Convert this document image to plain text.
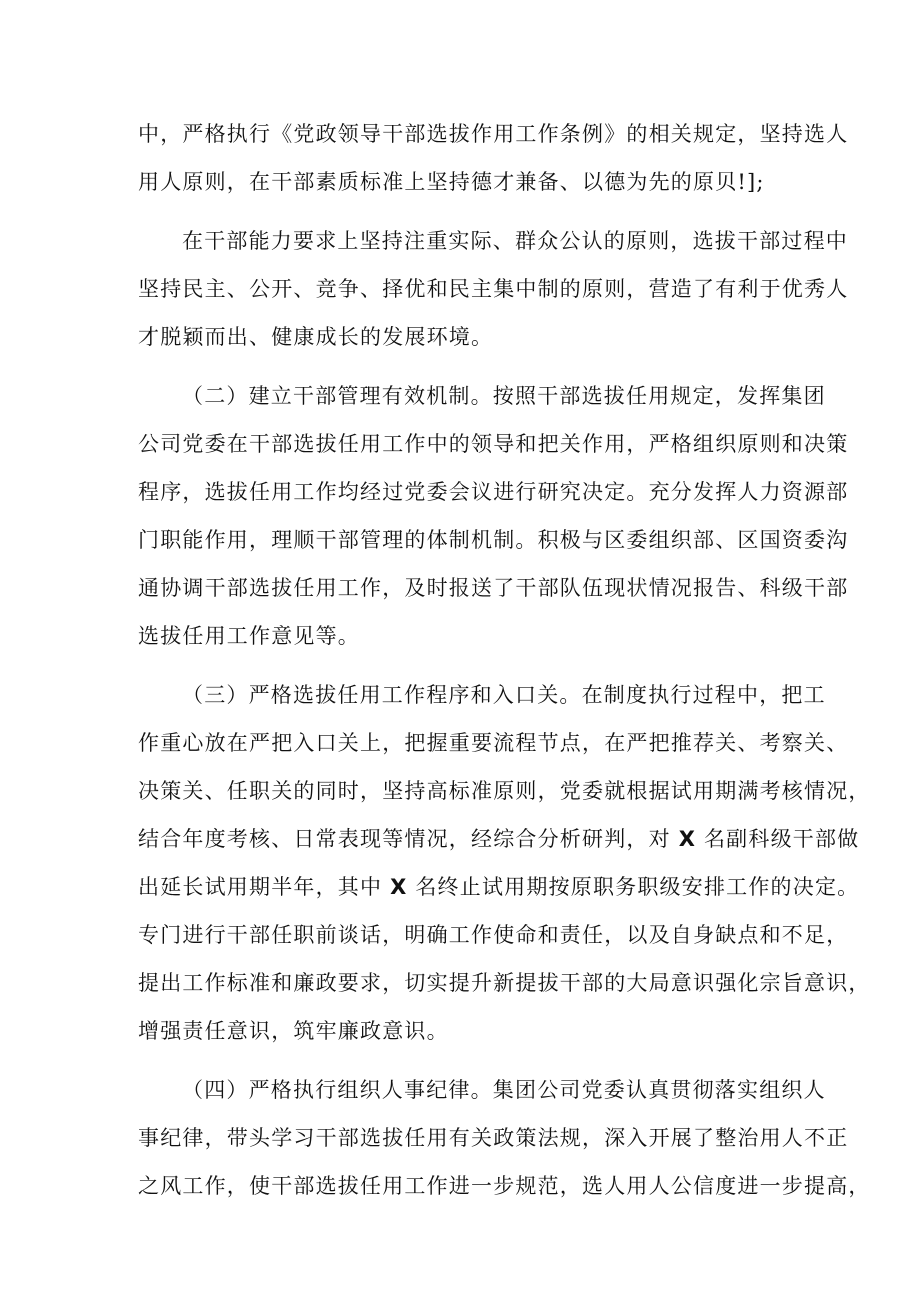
中，严格执行《党政领导干部选拔作用工作条例》的相关规定，坚持选人
用人原则，在干部素质标准上坚持德才兼备、以德为先的原贝!];
在干部能力要求上坚持注重实际、群众公认的原则，选拔干部过程中
坚持民主、公开、竞争、择优和民主集中制的原则，营造了有利于优秀人
才脱颖而出、健康成长的发展环境。
（二）建立干部管理有效机制。按照干部选拔任用规定，发挥集团
公司党委在干部选拔任用工作中的领导和把关作用，严格组织原则和决策
程序，选拔任用工作均经过党委会议进行研究决定。充分发挥人力资源部
门职能作用，理顺干部管理的体制机制。积极与区委组织部、区国资委沟
通协调干部选拔任用工作，及时报送了干部队伍现状情况报告、科级干部
选拔任用工作意见等。
（三）严格选拔任用工作程序和入口关。在制度执行过程中，把工
作重心放在严把入口关上，把握重要流程节点，在严把推荐关、考察关、
决策关、任职关的同时，坚持高标准原则，党委就根据试用期满考核情况，
结合年度考核、日常表现等情况，经综合分析研判，对 X 名副科级干部做
出延长试用期半年，其中 X 名终止试用期按原职务职级安排工作的决定。
专门进行干部任职前谈话，明确工作使命和责任，以及自身缺点和不足，
提出工作标准和廉政要求，切实提升新提拔干部的大局意识强化宗旨意识，
增强责任意识，筑牢廉政意识。
（四）严格执行组织人事纪律。集团公司党委认真贯彻落实组织人
事纪律，带头学习干部选拔任用有关政策法规，深入开展了整治用人不正
之风工作，使干部选拔任用工作进一步规范，选人用人公信度进一步提高，
